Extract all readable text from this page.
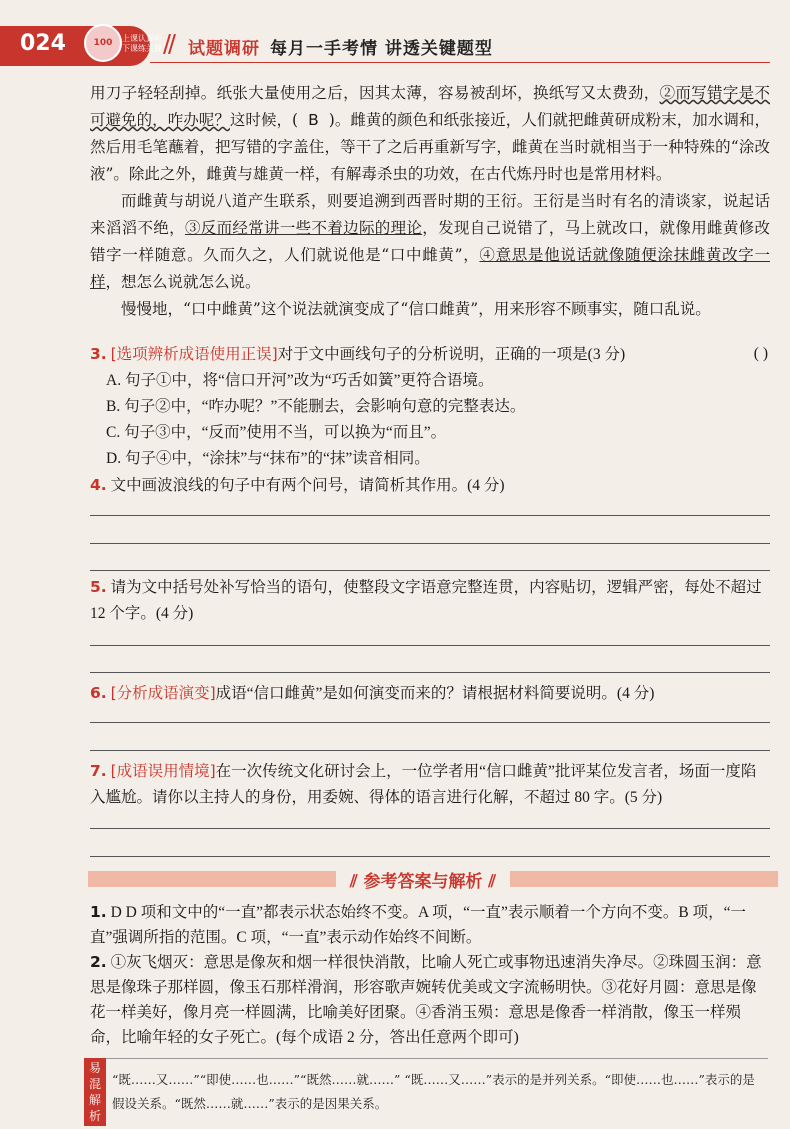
024	100	上课认真听
下课练关键 试题调研 每月一手考情 讲透关键题型

用刀子轻轻刮掉。纸张大量使用之后，因其太薄，容易被刮坏，换纸写又太费劲，②而写错字是不可避免的，咋办呢？这时候，( B )。雌黄的颜色和纸张接近，人们就把雌黄研成粉末，加水调和，然后用毛笔蘸着，把写错的字盖住，等干了之后再重新写字，雌黄在当时就相当于一种特殊的“涂改液”。除此之外，雌黄与雄黄一样，有解毒杀虫的功效，在古代炼丹时也是常用材料。

而雌黄与胡说八道产生联系，则要追溯到西晋时期的王衍。王衍是当时有名的清谈家，说起话来滔滔不绝，③反而经常讲一些不着边际的理论，发现自己说错了，马上就改口，就像用雌黄修改错字一样随意。久而久之，人们就说他是“口中雌黄”，④意思是他说话就像随便涂抹雌黄改字一样，想怎么说就怎么说。

慢慢地，“口中雌黄”这个说法就演变成了“信口雌黄”，用来形容不顾事实，随口乱说。

3. [选项辨析成语使用正误]对于文中画线句子的分析说明，正确的一项是(3 分)	( )
A. 句子①中，将“信口开河”改为“巧舌如簧”更符合语境。
B. 句子②中，“咋办呢？”不能删去，会影响句意的完整表达。
C. 句子③中，“反而”使用不当，可以换为“而且”。
D. 句子④中，“涂抹”与“抹布”的“抹”读音相同。
4. 文中画波浪线的句子中有两个问号，请简析其作用。(4 分)
5. 请为文中括号处补写恰当的语句，使整段文字语意完整连贯，内容贴切，逻辑严密，每处不超过 12 个字。(4 分)
6. [分析成语演变]成语“信口雌黄”是如何演变而来的？请根据材料简要说明。(4 分)
7. [成语误用情境]在一次传统文化研讨会上，一位学者用“信口雌黄”批评某位发言者，场面一度陷入尴尬。请你以主持人的身份，用委婉、得体的语言进行化解，不超过 80 字。(5 分)
⫽ 参考答案与解析 ⫽
1. D D 项和文中的“一直”都表示状态始终不变。A 项，“一直”表示顺着一个方向不变。B 项，“一直”强调所指的范围。C 项，“一直”表示动作始终不间断。
2. ①灰飞烟灭：意思是像灰和烟一样很快消散，比喻人死亡或事物迅速消失净尽。②珠圆玉润：意思是像珠子那样圆，像玉石那样滑润，形容歌声婉转优美或文字流畅明快。③花好月圆：意思是像花一样美好，像月亮一样圆满，比喻美好团聚。④香消玉殒：意思是像香一样消散，像玉一样殒命，比喻年轻的女子死亡。(每个成语 2 分，答出任意两个即可)
易混解析
“既……又……”“即使……也……”“既然……就……” “既……又……”表示的是并列关系。“即使……也……”表示的是假设关系。“既然……就……”表示的是因果关系。
